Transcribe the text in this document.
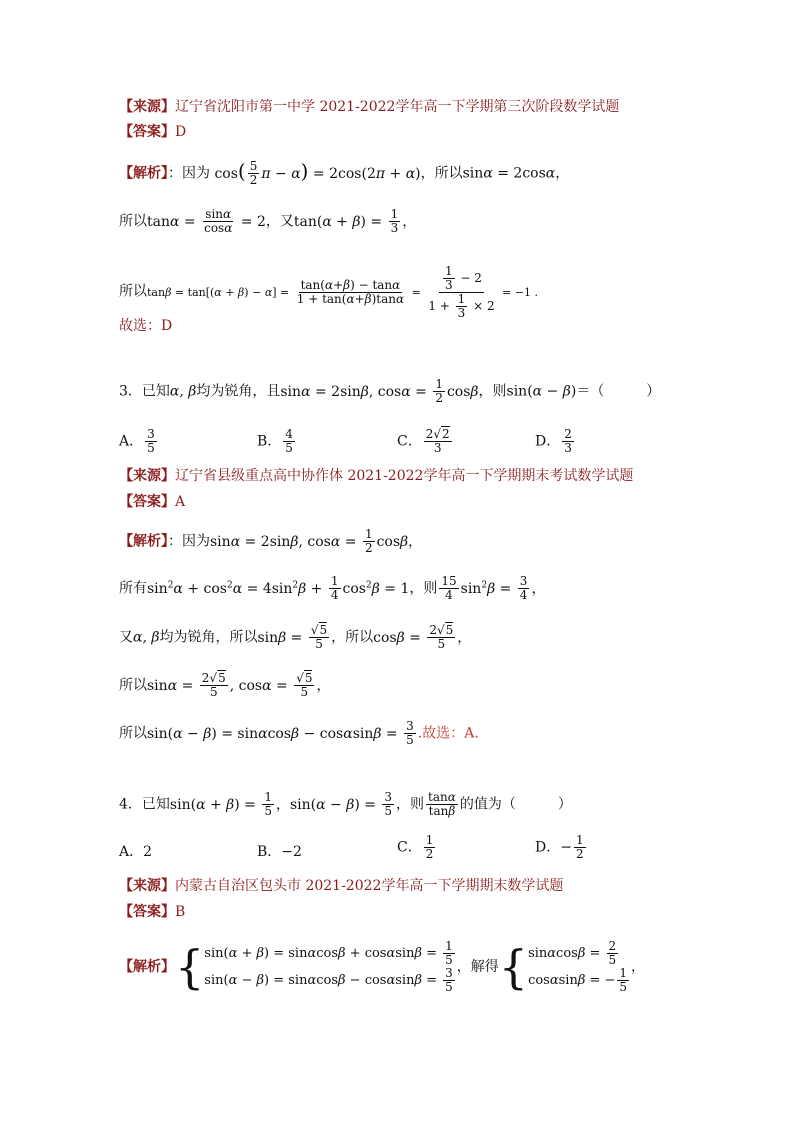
【来源】辽宁省沈阳市第一中学 2021-2022学年高一下学期第三次阶段数学试题
【答案】D
【解析】：因为 $\cos( \frac{5}{2}$ π − α) = 2cos(2π + α)，所以sinα = 2cosα，
所以$\tan\alpha = \frac{\sin\alpha}{\cos\alpha} = 2$，又$\tan(\alpha + \beta) = \frac{1}{3}$ ，
所以$\tan\beta = \tan[(\alpha + \beta) - \alpha] = \frac{\tan(\alpha+\beta) - \tan\alpha}{1 + \tan(\alpha+\beta)\tan\alpha} = \frac{\frac{1}{3} - 2}{1 + \frac{1}{3} \times 2} = -1$ .
故选：D
3．已知α, β均为锐角，且sinα = 2sinβ, $\cos\alpha = \frac{1}{2}$ cosβ，则sin(α − β)＝（　　　）
A． $\frac{3}{5}$	B． $\frac{4}{5}$	C． $\frac{2√2}{3}$	D． $\frac{2}{3}$
【来源】辽宁省县级重点高中协作体 2021-2022学年高一下学期期末考试数学试题
【答案】A
【解析】：因为sinα = 2sinβ, $\cos\alpha = \frac{1}{2}$ cosβ，
所有$\sin^2\alpha + \cos^2\alpha = 4\sin^2\beta + \frac{1}{4} \cos^2\beta = 1$，则 $\frac{15}{4} \sin^2\beta = \frac{3}{4}$ ，
又α, β均为锐角，所以$\sin\beta = \frac{√5}{5}$ ，所以$\cos\beta = \frac{2√5}{5}$ ，
所以$\sin\alpha = \frac{2√5}{5}$ , $\cos\alpha = \frac{√5}{5}$ ，
所以$\sin(\alpha - \beta) = \sin\alpha\cos\beta - \cos\alpha\sin\beta = \frac{3}{5}$ .故选：A.
4．已知$\sin(\alpha + \beta) = \frac{1}{5}$ ，$\sin(\alpha - \beta) = \frac{3}{5}$ ，则 $\frac{\tan\alpha}{\tan\beta}$ 的值为（　　　）
A．2	B．−2	C． $\frac{1}{2}$	D．− $\frac{1}{2}$
【来源】内蒙古自治区包头市 2021-2022学年高一下学期期末数学试题
【答案】B
【解析】{ $\sin(\alpha + \beta) = \sin\alpha\cos\beta + \cos\alpha\sin\beta = \frac{1}{5}$
$\sin(\alpha - \beta) = \sin\alpha\cos\beta - \cos\alpha\sin\beta = \frac{3}{5}$ ，解得{ $\sin\alpha\cos\beta = \frac{2}{5}$
cosαsinβ = − $\frac{1}{5}$ ，
